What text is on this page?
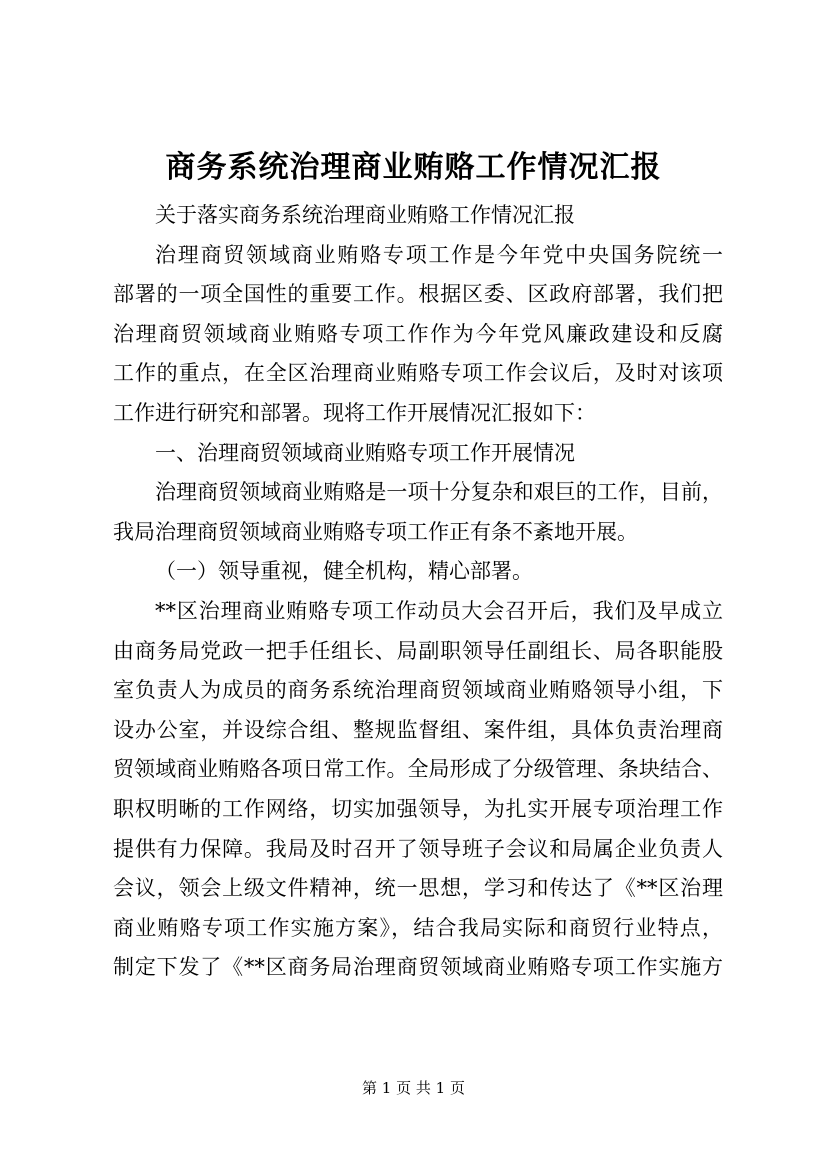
商务系统治理商业贿赂工作情况汇报
关于落实商务系统治理商业贿赂工作情况汇报
治理商贸领域商业贿赂专项工作是今年党中央国务院统一
部署的一项全国性的重要工作。根据区委、区政府部署，我们把
治理商贸领域商业贿赂专项工作作为今年党风廉政建设和反腐
工作的重点，在全区治理商业贿赂专项工作会议后，及时对该项
工作进行研究和部署。现将工作开展情况汇报如下：
一、治理商贸领域商业贿赂专项工作开展情况
治理商贸领域商业贿赂是一项十分复杂和艰巨的工作，目前，
我局治理商贸领域商业贿赂专项工作正有条不紊地开展。
（一）领导重视，健全机构，精心部署。
**区治理商业贿赂专项工作动员大会召开后，我们及早成立
由商务局党政一把手任组长、局副职领导任副组长、局各职能股
室负责人为成员的商务系统治理商贸领域商业贿赂领导小组，下
设办公室，并设综合组、整规监督组、案件组，具体负责治理商
贸领域商业贿赂各项日常工作。全局形成了分级管理、条块结合、
职权明晰的工作网络，切实加强领导，为扎实开展专项治理工作
提供有力保障。我局及时召开了领导班子会议和局属企业负责人
会议，领会上级文件精神，统一思想，学习和传达了《**区治理
商业贿赂专项工作实施方案》，结合我局实际和商贸行业特点，
制定下发了《**区商务局治理商贸领域商业贿赂专项工作实施方
第 1 页 共 1 页
